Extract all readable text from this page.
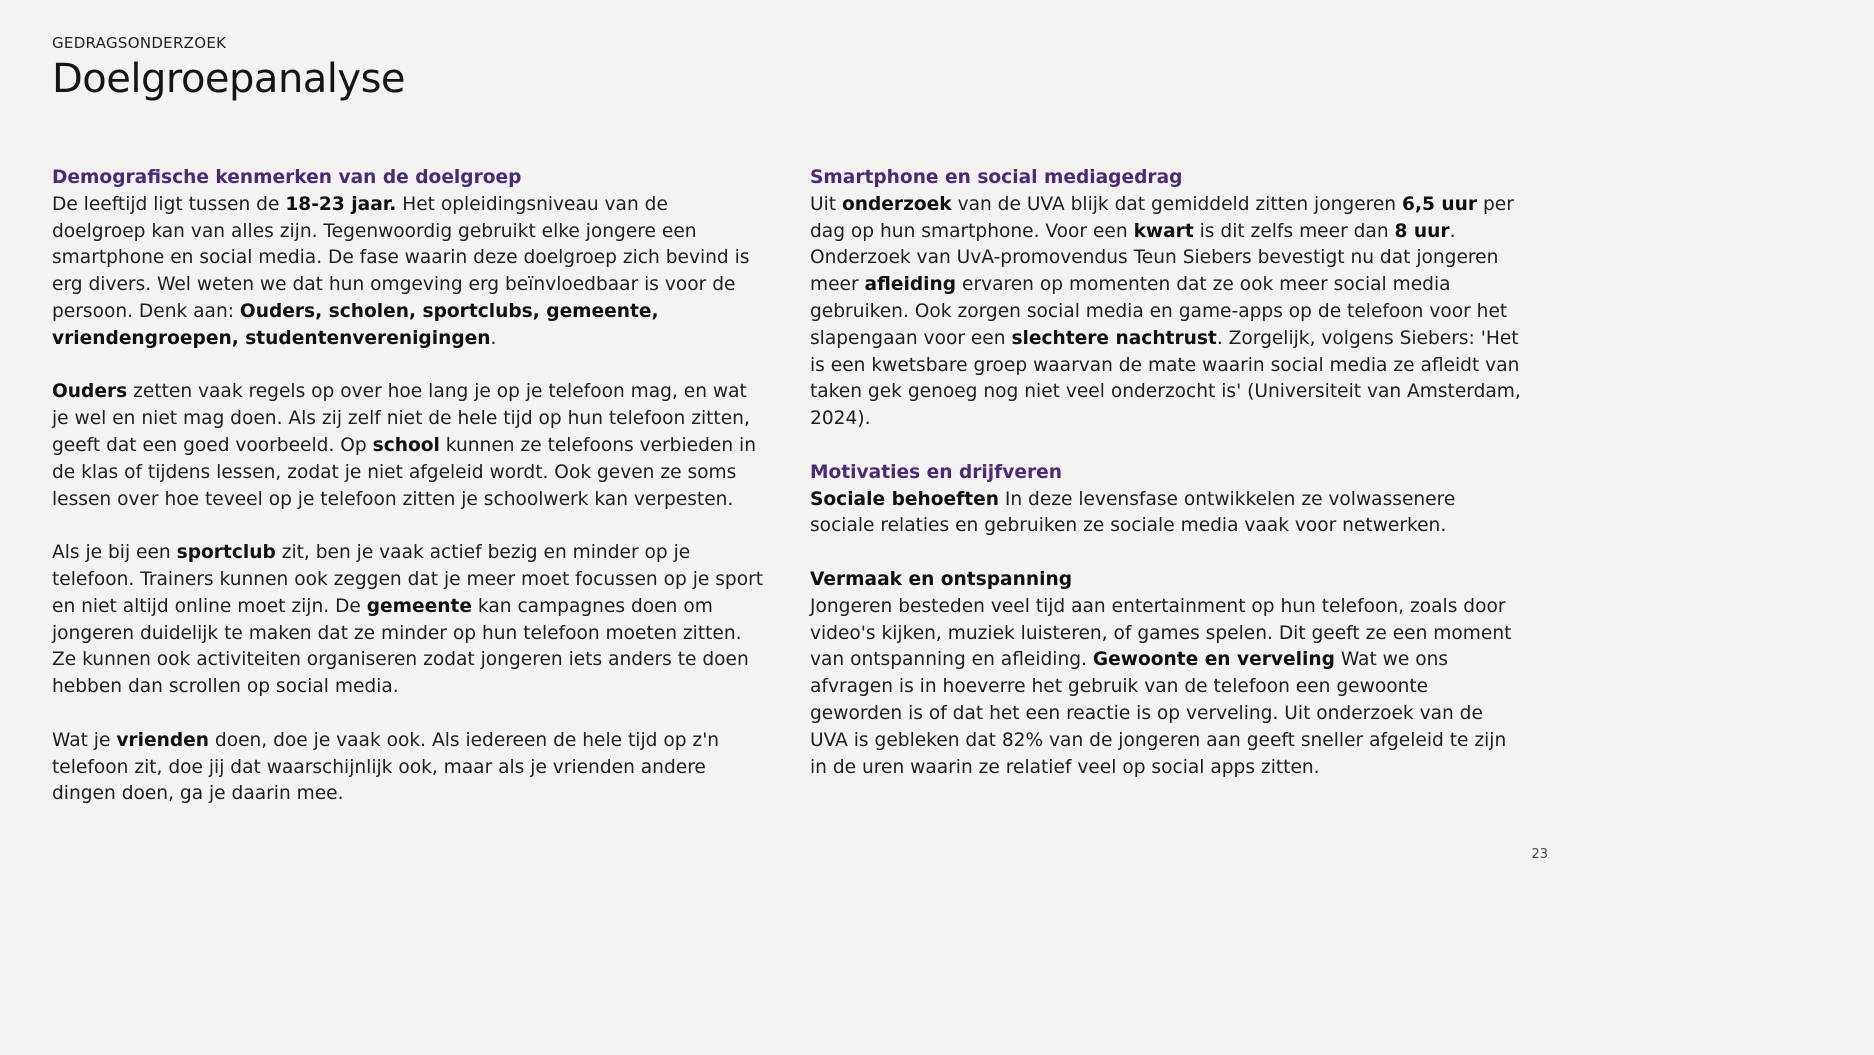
GEDRAGSONDERZOEK
Doelgroepanalyse
Demografische kenmerken van de doelgroep

De leeftijd ligt tussen de 18-23 jaar. Het opleidingsniveau van de doelgroep kan van alles zijn. Tegenwoordig gebruikt elke jongere een smartphone en social media. De fase waarin deze doelgroep zich bevind is erg divers. Wel weten we dat hun omgeving erg beïnvloedbaar is voor de persoon. Denk aan: Ouders, scholen, sportclubs, gemeente, vriendengroepen, studentenverenigingen.

Ouders zetten vaak regels op over hoe lang je op je telefoon mag, en wat je wel en niet mag doen. Als zij zelf niet de hele tijd op hun telefoon zitten, geeft dat een goed voorbeeld. Op school kunnen ze telefoons verbieden in de klas of tijdens lessen, zodat je niet afgeleid wordt. Ook geven ze soms lessen over hoe teveel op je telefoon zitten je schoolwerk kan verpesten.

Als je bij een sportclub zit, ben je vaak actief bezig en minder op je telefoon. Trainers kunnen ook zeggen dat je meer moet focussen op je sport en niet altijd online moet zijn. De gemeente kan campagnes doen om jongeren duidelijk te maken dat ze minder op hun telefoon moeten zitten. Ze kunnen ook activiteiten organiseren zodat jongeren iets anders te doen hebben dan scrollen op social media.

Wat je vrienden doen, doe je vaak ook. Als iedereen de hele tijd op z'n telefoon zit, doe jij dat waarschijnlijk ook, maar als je vrienden andere dingen doen, ga je daarin mee.

Smartphone en social mediagedrag

Uit onderzoek van de UVA blijk dat gemiddeld zitten jongeren 6,5 uur per dag op hun smartphone. Voor een kwart is dit zelfs meer dan 8 uur. Onderzoek van UvA-promovendus Teun Siebers bevestigt nu dat jongeren meer afleiding ervaren op momenten dat ze ook meer social media gebruiken. Ook zorgen social media en game-apps op de telefoon voor het slapengaan voor een slechtere nachtrust. Zorgelijk, volgens Siebers: 'Het is een kwetsbare groep waarvan de mate waarin social media ze afleidt van taken gek genoeg nog niet veel onderzocht is' (Universiteit van Amsterdam, 2024).

Motivaties en drijfveren

Sociale behoeften In deze levensfase ontwikkelen ze volwassenere sociale relaties en gebruiken ze sociale media vaak voor netwerken.

Vermaak en ontspanning

Jongeren besteden veel tijd aan entertainment op hun telefoon, zoals door video's kijken, muziek luisteren, of games spelen. Dit geeft ze een moment van ontspanning en afleiding. Gewoonte en verveling Wat we ons afvragen is in hoeverre het gebruik van de telefoon een gewoonte geworden is of dat het een reactie is op verveling. Uit onderzoek van de UVA is gebleken dat 82% van de jongeren aan geeft sneller afgeleid te zijn in de uren waarin ze relatief veel op social apps zitten.

23
